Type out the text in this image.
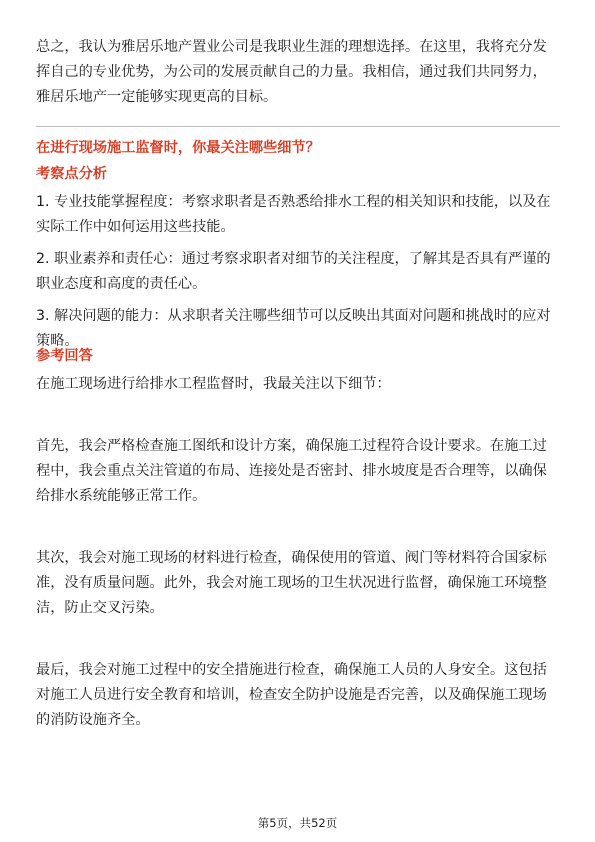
总之，我认为雅居乐地产置业公司是我职业生涯的理想选择。在这里，我将充分发挥自己的专业优势，为公司的发展贡献自己的力量。我相信，通过我们共同努力，雅居乐地产一定能够实现更高的目标。

在进行现场施工监督时，你最关注哪些细节？

考察点分析

1. 专业技能掌握程度：考察求职者是否熟悉给排水工程的相关知识和技能，以及在实际工作中如何运用这些技能。

2. 职业素养和责任心：通过考察求职者对细节的关注程度，了解其是否具有严谨的职业态度和高度的责任心。

3. 解决问题的能力：从求职者关注哪些细节可以反映出其面对问题和挑战时的应对策略。

参考回答

在施工现场进行给排水工程监督时，我最关注以下细节：

首先，我会严格检查施工图纸和设计方案，确保施工过程符合设计要求。在施工过程中，我会重点关注管道的布局、连接处是否密封、排水坡度是否合理等，以确保给排水系统能够正常工作。

其次，我会对施工现场的材料进行检查，确保使用的管道、阀门等材料符合国家标准，没有质量问题。此外，我会对施工现场的卫生状况进行监督，确保施工环境整洁，防止交叉污染。

最后，我会对施工过程中的安全措施进行检查，确保施工人员的人身安全。这包括对施工人员进行安全教育和培训，检查安全防护设施是否完善，以及确保施工现场的消防设施齐全。

第5页，共52页
